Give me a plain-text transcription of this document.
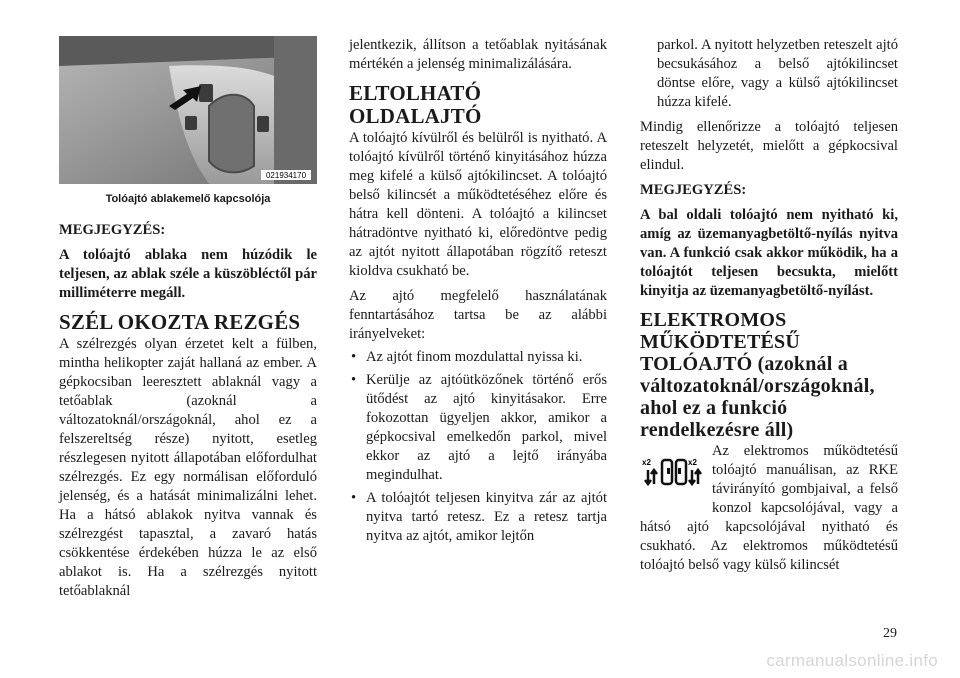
021934170
Tolóajtó ablakemelő kapcsolója

MEGJEGYZÉS:

A tolóajtó ablaka nem húzódik le teljesen, az ablak széle a küszöbléctől pár milliméterre megáll.

SZÉL OKOZTA REZGÉS

A szélrezgés olyan érzetet kelt a fülben, mintha helikopter zaját hallaná az ember. A gépkocsiban leeresztett ablaknál vagy a tetőablak (azoknál a változatoknál/országoknál, ahol ez a felszereltség része) nyitott, esetleg részlegesen nyitott állapotában előfordulhat szélrezgés. Ez egy normálisan előforduló jelenség, és a hatását minimalizálni lehet. Ha a hátsó ablakok nyitva vannak és szélrezgést tapasztal, a zavaró hatás csökkentése érdekében húzza le az első ablakot is. Ha a szélrezgés nyitott tetőablaknál

jelentkezik, állítson a tetőablak nyitásának mértékén a jelenség minimalizálására.

ELTOLHATÓ OLDALAJTÓ

A tolóajtó kívülről és belülről is nyitható. A tolóajtó kívülről történő kinyitásához húzza meg kifelé a külső ajtókilincset. A tolóajtó belső kilincsét a működtetéséhez előre és hátra kell dönteni. A tolóajtó a kilincset hátradöntve nyitható ki, előredöntve pedig az ajtót nyitott állapotában rögzítő reteszt kioldva csukható be.

Az ajtó megfelelő használatának fenntartásához tartsa be az alábbi irányelveket:

• Az ajtót finom mozdulattal nyissa ki.
• Kerülje az ajtóütközőnek történő erős ütődést az ajtó kinyitásakor. Erre fokozottan ügyeljen akkor, amikor a gépkocsival emelkedőn parkol, mivel ekkor az ajtó a lejtő irányába megindulhat.
• A tolóajtót teljesen kinyitva zár az ajtót nyitva tartó retesz. Ez a retesz tartja nyitva az ajtót, amikor lejtőn

parkol. A nyitott helyzetben reteszelt ajtó becsukásához a belső ajtókilincset döntse előre, vagy a külső ajtókilincset húzza kifelé.

Mindig ellenőrizze a tolóajtó teljesen reteszelt helyzetét, mielőtt a gépkocsival elindul.

MEGJEGYZÉS:

A bal oldali tolóajtó nem nyitható ki, amíg az üzemanyagbetöltő-nyílás nyitva van. A funkció csak akkor működik, ha a tolóajtót teljesen becsukta, mielőtt kinyitja az üzemanyagbetöltő-nyílást.

ELEKTROMOS MŰKÖDTETÉSŰ TOLÓAJTÓ (azoknál a változatoknál/országoknál, ahol ez a funkció rendelkezésre áll)
x2	x2

Az elektromos működtetésű tolóajtó manuálisan, az RKE távirányító gombjaival, a felső konzol kapcsolójával, vagy a hátsó ajtó kapcsolójával nyitható és csukható. Az elektromos működtetésű tolóajtó belső vagy külső kilincsét

29
carmanualsonline.info
